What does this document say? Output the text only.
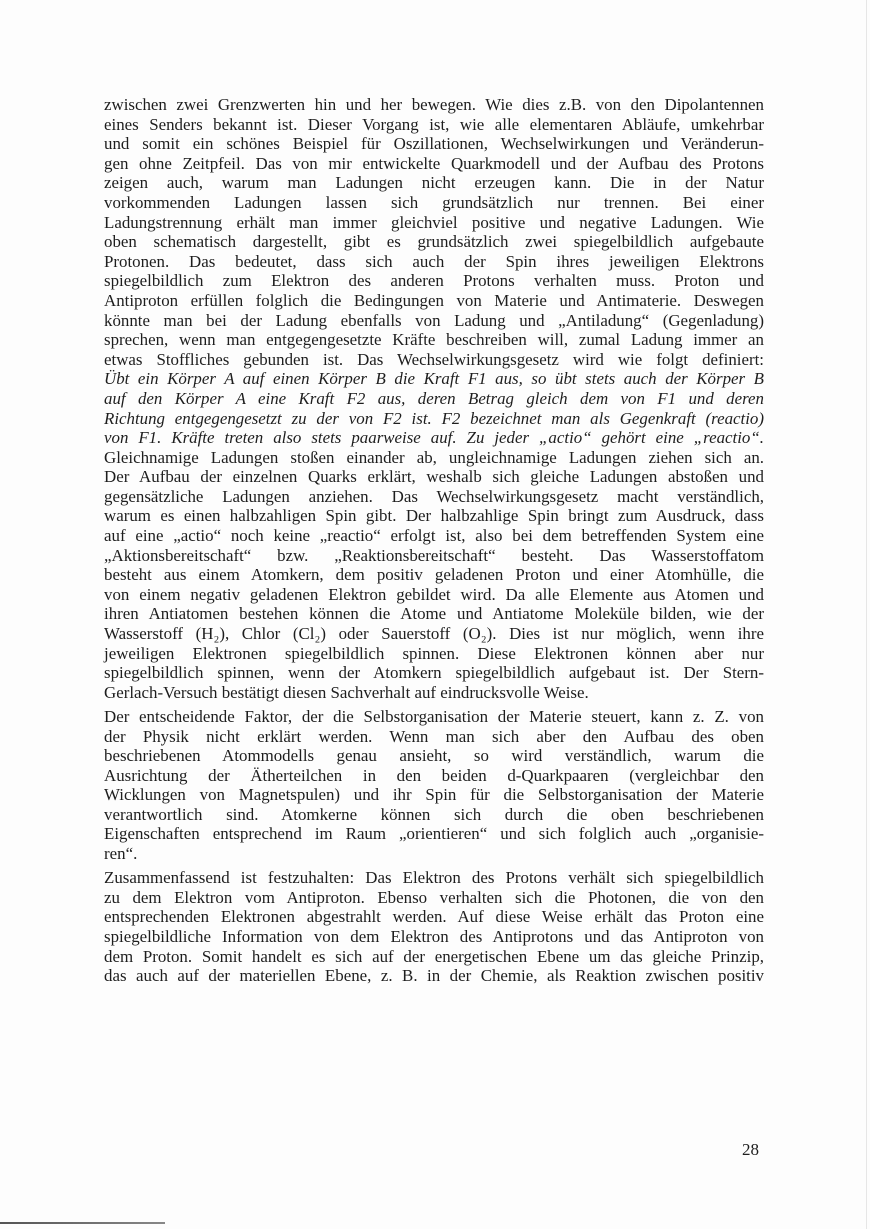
zwischen zwei Grenzwerten hin und her bewegen. Wie dies z.B. von den Dipolantennen
eines Senders bekannt ist. Dieser Vorgang ist, wie alle elementaren Abläufe, umkehrbar
und somit ein schönes Beispiel für Oszillationen, Wechselwirkungen und Veränderun-
gen ohne Zeitpfeil. Das von mir entwickelte Quarkmodell und der Aufbau des Protons
zeigen auch, warum man Ladungen nicht erzeugen kann. Die in der Natur
vorkommenden Ladungen lassen sich grundsätzlich nur trennen. Bei einer
Ladungstrennung erhält man immer gleichviel positive und negative Ladungen. Wie
oben schematisch dargestellt, gibt es grundsätzlich zwei spiegelbildlich aufgebaute
Protonen. Das bedeutet, dass sich auch der Spin ihres jeweiligen Elektrons
spiegelbildlich zum Elektron des anderen Protons verhalten muss. Proton und
Antiproton erfüllen folglich die Bedingungen von Materie und Antimaterie. Deswegen
könnte man bei der Ladung ebenfalls von Ladung und „Antiladung“ (Gegenladung)
sprechen, wenn man entgegengesetzte Kräfte beschreiben will, zumal Ladung immer an
etwas Stoffliches gebunden ist. Das Wechselwirkungsgesetz wird wie folgt definiert:
Übt ein Körper A auf einen Körper B die Kraft F1 aus, so übt stets auch der Körper B
auf den Körper A eine Kraft F2 aus, deren Betrag gleich dem von F1 und deren
Richtung entgegengesetzt zu der von F2 ist. F2 bezeichnet man als Gegenkraft (reactio)
von F1. Kräfte treten also stets paarweise auf. Zu jeder „actio“ gehört eine „reactio“.
Gleichnamige Ladungen stoßen einander ab, ungleichnamige Ladungen ziehen sich an.
Der Aufbau der einzelnen Quarks erklärt, weshalb sich gleiche Ladungen abstoßen und
gegensätzliche Ladungen anziehen. Das Wechselwirkungsgesetz macht verständlich,
warum es einen halbzahligen Spin gibt. Der halbzahlige Spin bringt zum Ausdruck, dass
auf eine „actio“ noch keine „reactio“ erfolgt ist, also bei dem betreffenden System eine
„Aktionsbereitschaft“ bzw. „Reaktionsbereitschaft“ besteht. Das Wasserstoffatom
besteht aus einem Atomkern, dem positiv geladenen Proton und einer Atomhülle, die
von einem negativ geladenen Elektron gebildet wird. Da alle Elemente aus Atomen und
ihren Antiatomen bestehen können die Atome und Antiatome Moleküle bilden, wie der
Wasserstoff (H₂), Chlor (Cl₂) oder Sauerstoff (O₂). Dies ist nur möglich, wenn ihre
jeweiligen Elektronen spiegelbildlich spinnen. Diese Elektronen können aber nur
spiegelbildlich spinnen, wenn der Atomkern spiegelbildlich aufgebaut ist. Der Stern-
Gerlach-Versuch bestätigt diesen Sachverhalt auf eindrucksvolle Weise.
Der entscheidende Faktor, der die Selbstorganisation der Materie steuert, kann z. Z. von
der Physik nicht erklärt werden. Wenn man sich aber den Aufbau des oben
beschriebenen Atommodells genau ansieht, so wird verständlich, warum die
Ausrichtung der Ätherteilchen in den beiden d-Quarkpaaren (vergleichbar den
Wicklungen von Magnetspulen) und ihr Spin für die Selbstorganisation der Materie
verantwortlich sind. Atomkerne können sich durch die oben beschriebenen
Eigenschaften entsprechend im Raum „orientieren“ und sich folglich auch „organisie-
ren“.
Zusammenfassend ist festzuhalten: Das Elektron des Protons verhält sich spiegelbildlich
zu dem Elektron vom Antiproton. Ebenso verhalten sich die Photonen, die von den
entsprechenden Elektronen abgestrahlt werden. Auf diese Weise erhält das Proton eine
spiegelbildliche Information von dem Elektron des Antiprotons und das Antiproton von
dem Proton. Somit handelt es sich auf der energetischen Ebene um das gleiche Prinzip,
das auch auf der materiellen Ebene, z. B. in der Chemie, als Reaktion zwischen positiv
28
